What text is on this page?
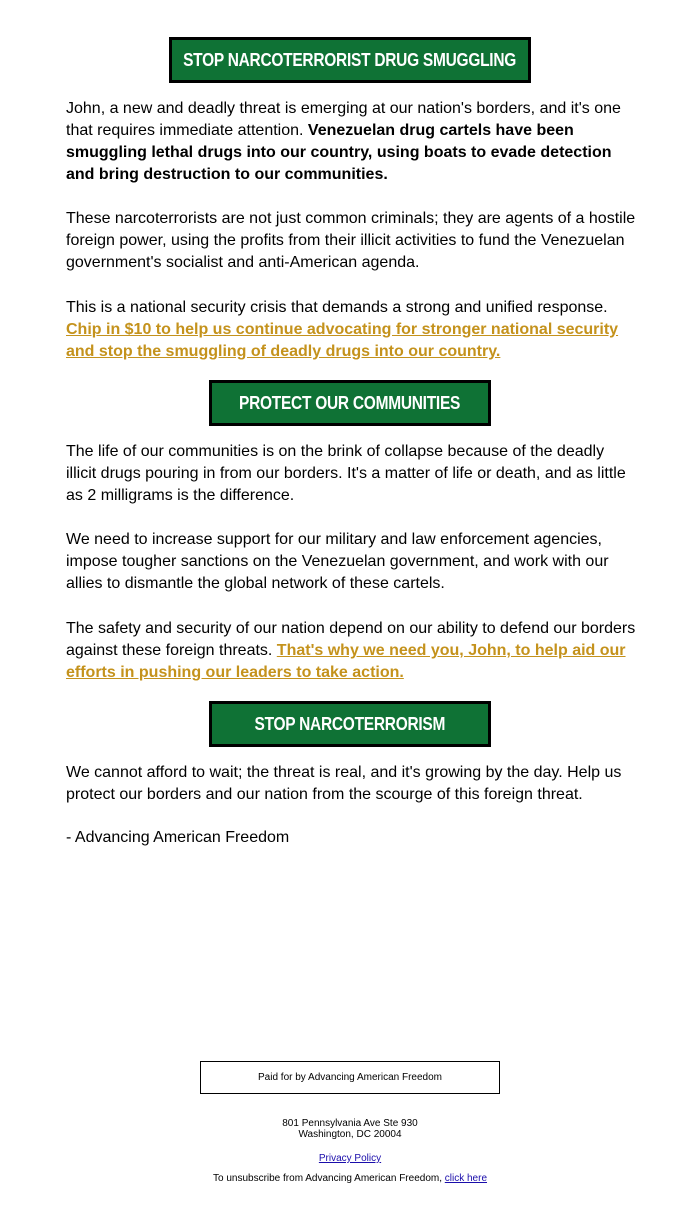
STOP NARCOTERRORIST DRUG SMUGGLING

John, a new and deadly threat is emerging at our nation's borders, and it's one that requires immediate attention. Venezuelan drug cartels have been smuggling lethal drugs into our country, using boats to evade detection and bring destruction to our communities.

These narcoterrorists are not just common criminals; they are agents of a hostile foreign power, using the profits from their illicit activities to fund the Venezuelan government's socialist and anti-American agenda.

This is a national security crisis that demands a strong and unified response. Chip in $10 to help us continue advocating for stronger national security and stop the smuggling of deadly drugs into our country.

PROTECT OUR COMMUNITIES

The life of our communities is on the brink of collapse because of the deadly illicit drugs pouring in from our borders. It's a matter of life or death, and as little as 2 milligrams is the difference.

We need to increase support for our military and law enforcement agencies, impose tougher sanctions on the Venezuelan government, and work with our allies to dismantle the global network of these cartels.

The safety and security of our nation depend on our ability to defend our borders against these foreign threats. That's why we need you, John, to help aid our efforts in pushing our leaders to take action.

STOP NARCOTERRORISM

We cannot afford to wait; the threat is real, and it's growing by the day. Help us protect our borders and our nation from the scourge of this foreign threat.

- Advancing American Freedom

Paid for by Advancing American Freedom
801 Pennsylvania Ave Ste 930
Washington, DC 20004
Privacy Policy
To unsubscribe from Advancing American Freedom, click here
